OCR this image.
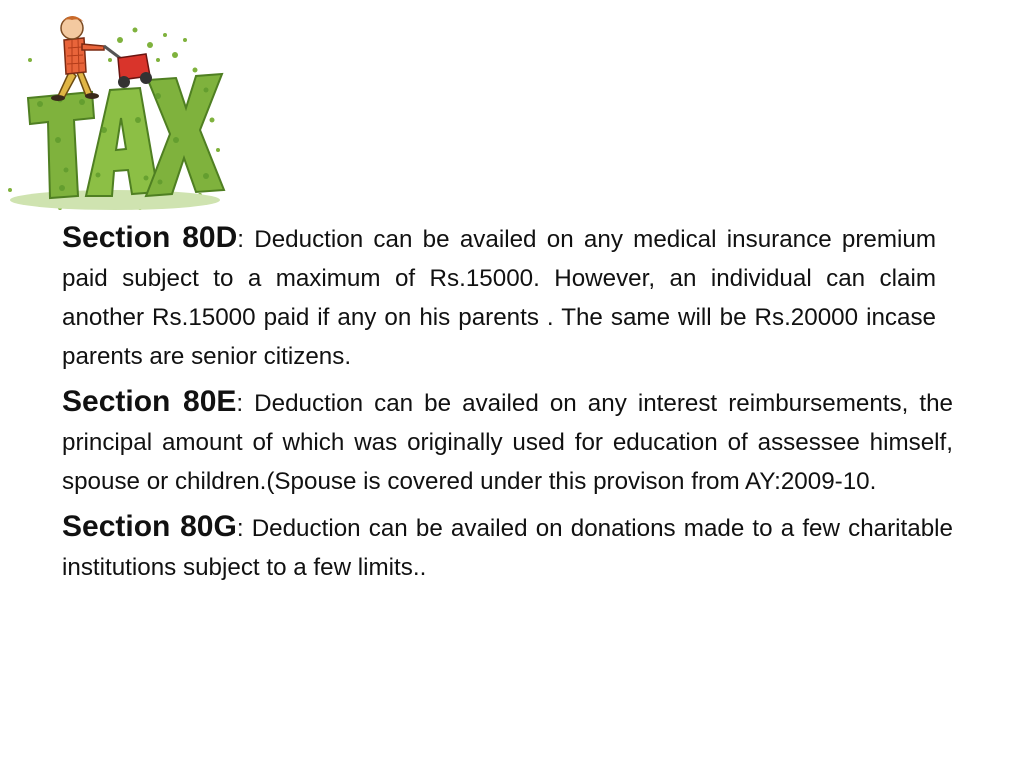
Section 80D: Deduction can be availed on any medical insurance premium paid subject to a maximum of Rs.15000. However, an individual can claim another Rs.15000 paid if any on his parents . The same will be Rs.20000 incase parents are senior citizens.

Section 80E: Deduction can be availed on any interest reimbursements, the principal amount of which was originally used for education of assessee himself, spouse or children.(Spouse is covered under this provison from AY:2009-10.

Section 80G: Deduction can be availed on donations made to a few charitable institutions subject to a few limits..
